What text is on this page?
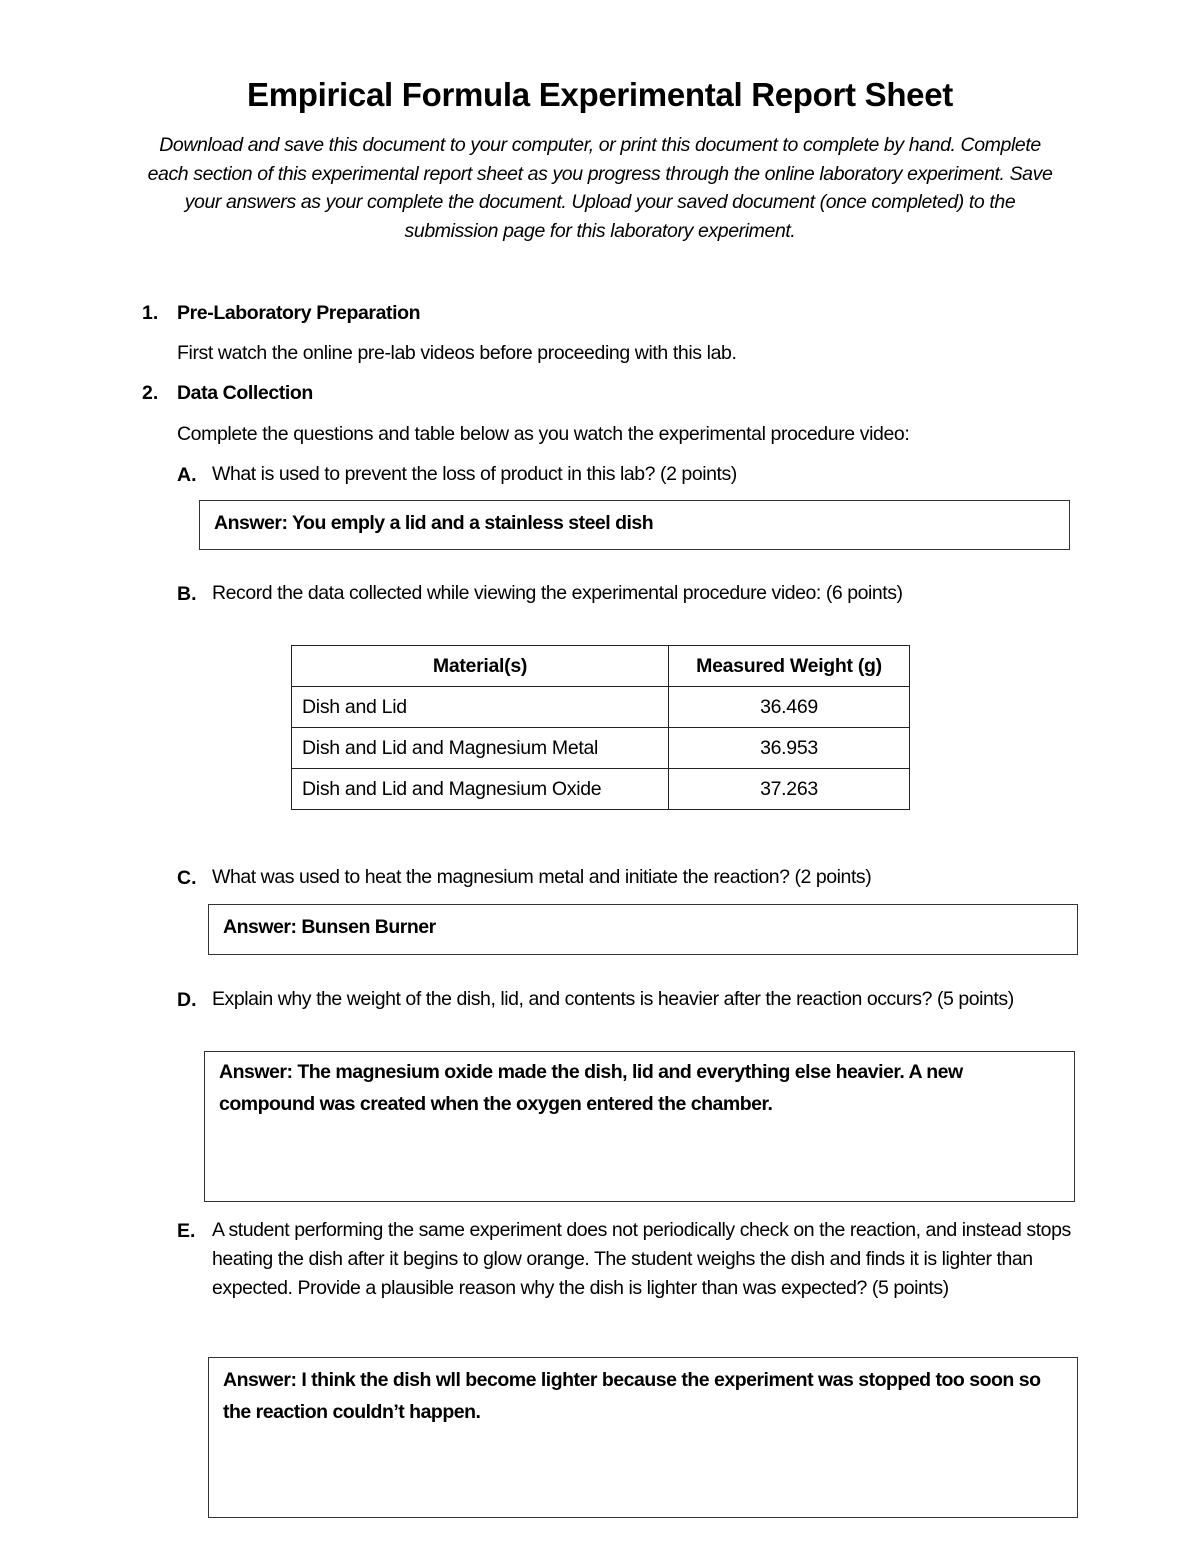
Empirical Formula Experimental Report Sheet
Download and save this document to your computer, or print this document to complete by hand. Complete each section of this experimental report sheet as you progress through the online laboratory experiment. Save your answers as your complete the document. Upload your saved document (once completed) to the submission page for this laboratory experiment.
1. Pre-Laboratory Preparation
First watch the online pre-lab videos before proceeding with this lab.
2. Data Collection
Complete the questions and table below as you watch the experimental procedure video:
A. What is used to prevent the loss of product in this lab? (2 points)
Answer: You emply a lid and a stainless steel dish
B. Record the data collected while viewing the experimental procedure video: (6 points)
Material(s)	Measured Weight (g)
Dish and Lid	36.469
Dish and Lid and Magnesium Metal	36.953
Dish and Lid and Magnesium Oxide	37.263
C. What was used to heat the magnesium metal and initiate the reaction? (2 points)
Answer: Bunsen Burner
D. Explain why the weight of the dish, lid, and contents is heavier after the reaction occurs? (5 points)
Answer: The magnesium oxide made the dish, lid and everything else heavier. A new compound was created when the oxygen entered the chamber.
E. A student performing the same experiment does not periodically check on the reaction, and instead stops heating the dish after it begins to glow orange. The student weighs the dish and finds it is lighter than expected. Provide a plausible reason why the dish is lighter than was expected? (5 points)
Answer: I think the dish wll become lighter because the experiment was stopped too soon so the reaction couldn’t happen.
